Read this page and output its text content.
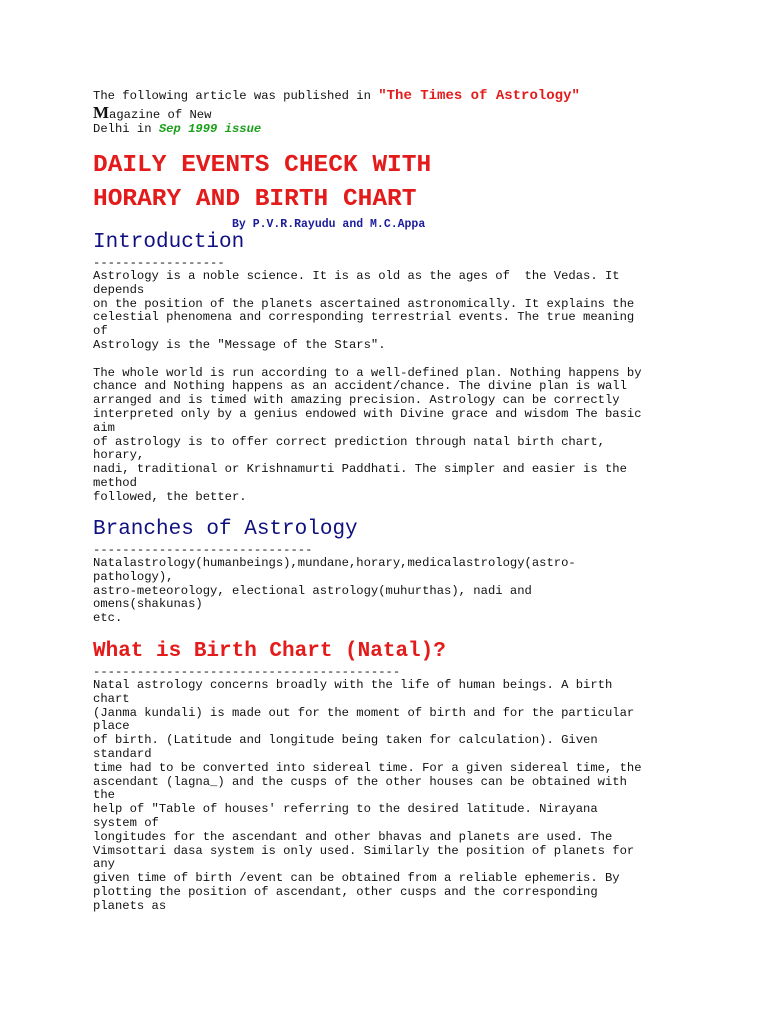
The following article was published in "The Times of Astrology"
Magazine of New
Delhi in Sep 1999 issue
DAILY EVENTS CHECK WITH
HORARY AND BIRTH CHART
By P.V.R.Rayudu and M.C.Appa
Introduction
------------------
Astrology is a noble science. It is as old as the ages of  the Vedas. It
depends
on the position of the planets ascertained astronomically. It explains the
celestial phenomena and corresponding terrestrial events. The true meaning
of
Astrology is the "Message of the Stars".
The whole world is run according to a well-defined plan. Nothing happens by
chance and Nothing happens as an accident/chance. The divine plan is wall
arranged and is timed with amazing precision. Astrology can be correctly
interpreted only by a genius endowed with Divine grace and wisdom The basic
aim
of astrology is to offer correct prediction through natal birth chart,
horary,
nadi, traditional or Krishnamurti Paddhati. The simpler and easier is the
method
followed, the better.
Branches of Astrology
------------------------------
Natalastrology(humanbeings),mundane,horary,medicalastrology(astro-
pathology),
astro-meteorology, electional astrology(muhurthas), nadi and
omens(shakunas)
etc.
What is Birth Chart (Natal)?
------------------------------------------
Natal astrology concerns broadly with the life of human beings. A birth
chart
(Janma kundali) is made out for the moment of birth and for the particular
place
of birth. (Latitude and longitude being taken for calculation). Given
standard
time had to be converted into sidereal time. For a given sidereal time, the
ascendant (lagna_) and the cusps of the other houses can be obtained with
the
help of "Table of houses' referring to the desired latitude. Nirayana
system of
longitudes for the ascendant and other bhavas and planets are used. The
Vimsottari dasa system is only used. Similarly the position of planets for
any
given time of birth /event can be obtained from a reliable ephemeris. By
plotting the position of ascendant, other cusps and the corresponding
planets as
